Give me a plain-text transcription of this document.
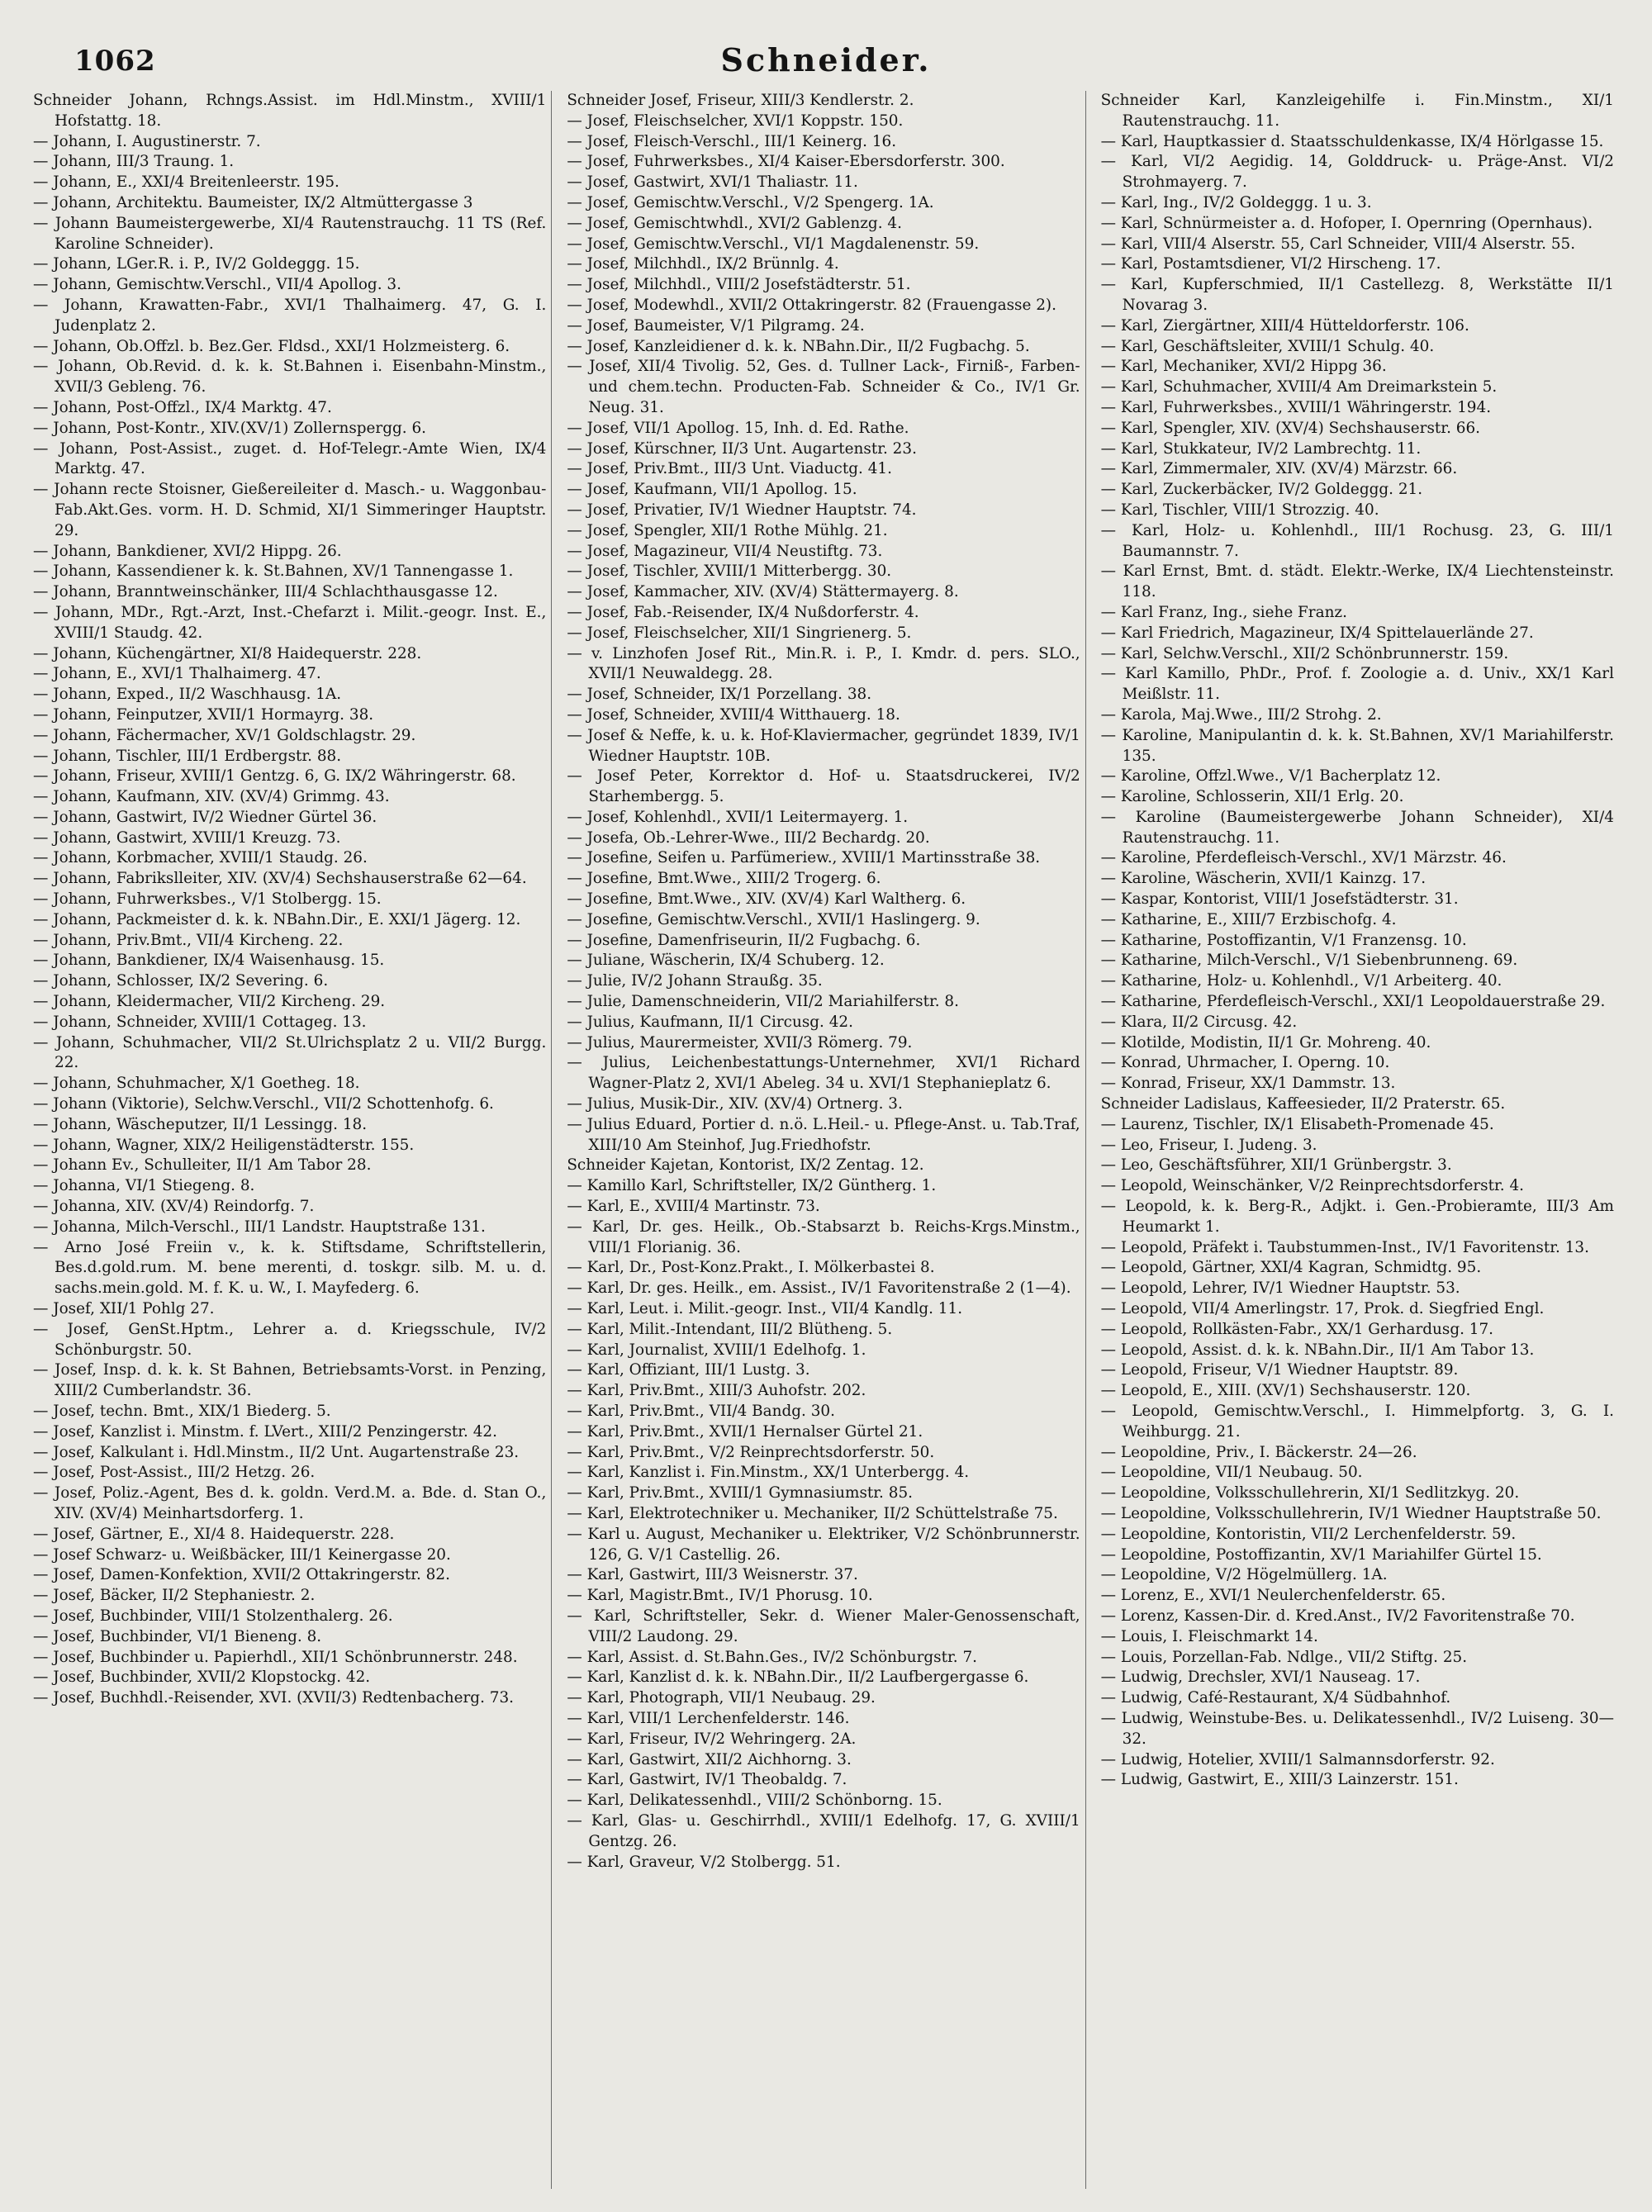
1062	Schneider.

Schneider Johann, Rchngs.Assist. im Hdl.Minstm., XVIII/1 Hofstattg. 18.

— Johann, I. Augustinerstr. 7.

— Johann, III/3 Traung. 1.

— Johann, E., XXI/4 Breitenleerstr. 195.

— Johann, Architektu. Baumeister, IX/2 Altmüttergasse 3

— Johann Baumeistergewerbe, XI/4 Rautenstrauchg. 11 TS (Ref. Karoline Schneider).

— Johann, LGer.R. i. P., IV/2 Goldeggg. 15.

— Johann, Gemischtw.Verschl., VII/4 Apollog. 3.

— Johann, Krawatten-Fabr., XVI/1 Thalhaimerg. 47, G. I. Judenplatz 2.

— Johann, Ob.Offzl. b. Bez.Ger. Fldsd., XXI/1 Holzmeisterg. 6.

— Johann, Ob.Revid. d. k. k. St.Bahnen i. Eisenbahn-Minstm., XVII/3 Gebleng. 76.

— Johann, Post-Offzl., IX/4 Marktg. 47.

— Johann, Post-Kontr., XIV.(XV/1) Zollernspergg. 6.

— Johann, Post-Assist., zuget. d. Hof-Telegr.-Amte Wien, IX/4 Marktg. 47.

— Johann recte Stoisner, Gießereileiter d. Masch.- u. Waggonbau-Fab.Akt.Ges. vorm. H. D. Schmid, XI/1 Simmeringer Hauptstr. 29.

— Johann, Bankdiener, XVI/2 Hippg. 26.

— Johann, Kassendiener k. k. St.Bahnen, XV/1 Tannengasse 1.

— Johann, Branntweinschänker, III/4 Schlachthausgasse 12.

— Johann, MDr., Rgt.-Arzt, Inst.-Chefarzt i. Milit.-geogr. Inst. E., XVIII/1 Staudg. 42.

— Johann, Küchengärtner, XI/8 Haidequerstr. 228.

— Johann, E., XVI/1 Thalhaimerg. 47.

— Johann, Exped., II/2 Waschhausg. 1A.

— Johann, Feinputzer, XVII/1 Hormayrg. 38.

— Johann, Fächermacher, XV/1 Goldschlagstr. 29.

— Johann, Tischler, III/1 Erdbergstr. 88.

— Johann, Friseur, XVIII/1 Gentzg. 6, G. IX/2 Währingerstr. 68.

— Johann, Kaufmann, XIV. (XV/4) Grimmg. 43.

— Johann, Gastwirt, IV/2 Wiedner Gürtel 36.

— Johann, Gastwirt, XVIII/1 Kreuzg. 73.

— Johann, Korbmacher, XVIII/1 Staudg. 26.

— Johann, Fabrikslleiter, XIV. (XV/4) Sechshauserstraße 62—64.

— Johann, Fuhrwerksbes., V/1 Stolbergg. 15.

— Johann, Packmeister d. k. k. NBahn.Dir., E. XXI/1 Jägerg. 12.

— Johann, Priv.Bmt., VII/4 Kircheng. 22.

— Johann, Bankdiener, IX/4 Waisenhausg. 15.

— Johann, Schlosser, IX/2 Severing. 6.

— Johann, Kleidermacher, VII/2 Kircheng. 29.

— Johann, Schneider, XVIII/1 Cottageg. 13.

— Johann, Schuhmacher, VII/2 St.Ulrichsplatz 2 u. VII/2 Burgg. 22.

— Johann, Schuhmacher, X/1 Goetheg. 18.

— Johann (Viktorie), Selchw.Verschl., VII/2 Schottenhofg. 6.

— Johann, Wäscheputzer, II/1 Lessingg. 18.

— Johann, Wagner, XIX/2 Heiligenstädterstr. 155.

— Johann Ev., Schulleiter, II/1 Am Tabor 28.

— Johanna, VI/1 Stiegeng. 8.

— Johanna, XIV. (XV/4) Reindorfg. 7.

— Johanna, Milch-Verschl., III/1 Landstr. Hauptstraße 131.

— Arno José Freiin v., k. k. Stiftsdame, Schriftstellerin, Bes.d.gold.rum. M. bene merenti, d. toskgr. silb. M. u. d. sachs.mein.gold. M. f. K. u. W., I. Mayfederg. 6.

— Josef, XII/1 Pohlg 27.

— Josef, GenSt.Hptm., Lehrer a. d. Kriegsschule, IV/2 Schönburgstr. 50.

— Josef, Insp. d. k. k. St Bahnen, Betriebsamts-Vorst. in Penzing, XIII/2 Cumberlandstr. 36.

— Josef, techn. Bmt., XIX/1 Biederg. 5.

— Josef, Kanzlist i. Minstm. f. LVert., XIII/2 Penzingerstr. 42.

— Josef, Kalkulant i. Hdl.Minstm., II/2 Unt. Augartenstraße 23.

— Josef, Post-Assist., III/2 Hetzg. 26.

— Josef, Poliz.-Agent, Bes d. k. goldn. Verd.M. a. Bde. d. Stan O., XIV. (XV/4) Meinhartsdorferg. 1.

— Josef, Gärtner, E., XI/4 8. Haidequerstr. 228.

— Josef Schwarz- u. Weißbäcker, III/1 Keinergasse 20.

— Josef, Damen-Konfektion, XVII/2 Ottakringerstr. 82.

— Josef, Bäcker, II/2 Stephaniestr. 2.

— Josef, Buchbinder, VIII/1 Stolzenthalerg. 26.

— Josef, Buchbinder, VI/1 Bieneng. 8.

— Josef, Buchbinder u. Papierhdl., XII/1 Schönbrunnerstr. 248.

— Josef, Buchbinder, XVII/2 Klopstockg. 42.

— Josef, Buchhdl.-Reisender, XVI. (XVII/3) Redtenbacherg. 73.

Schneider Josef, Friseur, XIII/3 Kendlerstr. 2.

— Josef, Fleischselcher, XVI/1 Koppstr. 150.

— Josef, Fleisch-Verschl., III/1 Keinerg. 16.

— Josef, Fuhrwerksbes., XI/4 Kaiser-Ebersdorferstr. 300.

— Josef, Gastwirt, XVI/1 Thaliastr. 11.

— Josef, Gemischtw.Verschl., V/2 Spengerg. 1A.

— Josef, Gemischtwhdl., XVI/2 Gablenzg. 4.

— Josef, Gemischtw.Verschl., VI/1 Magdalenenstr. 59.

— Josef, Milchhdl., IX/2 Brünnlg. 4.

— Josef, Milchhdl., VIII/2 Josefstädterstr. 51.

— Josef, Modewhdl., XVII/2 Ottakringerstr. 82 (Frauengasse 2).

— Josef, Baumeister, V/1 Pilgramg. 24.

— Josef, Kanzleidiener d. k. k. NBahn.Dir., II/2 Fugbachg. 5.

— Josef, XII/4 Tivolig. 52, Ges. d. Tullner Lack-, Firniß-, Farben- und chem.techn. Producten-Fab. Schneider & Co., IV/1 Gr. Neug. 31.

— Josef, VII/1 Apollog. 15, Inh. d. Ed. Rathe.

— Josef, Kürschner, II/3 Unt. Augartenstr. 23.

— Josef, Priv.Bmt., III/3 Unt. Viaductg. 41.

— Josef, Kaufmann, VII/1 Apollog. 15.

— Josef, Privatier, IV/1 Wiedner Hauptstr. 74.

— Josef, Spengler, XII/1 Rothe Mühlg. 21.

— Josef, Magazineur, VII/4 Neustiftg. 73.

— Josef, Tischler, XVIII/1 Mitterbergg. 30.

— Josef, Kammacher, XIV. (XV/4) Stättermayerg. 8.

— Josef, Fab.-Reisender, IX/4 Nußdorferstr. 4.

— Josef, Fleischselcher, XII/1 Singrienerg. 5.

— v. Linzhofen Josef Rit., Min.R. i. P., I. Kmdr. d. pers. SLO., XVII/1 Neuwaldegg. 28.

— Josef, Schneider, IX/1 Porzellang. 38.

— Josef, Schneider, XVIII/4 Witthauerg. 18.

— Josef & Neffe, k. u. k. Hof-Klaviermacher, gegründet 1839, IV/1 Wiedner Hauptstr. 10B.

— Josef Peter, Korrektor d. Hof- u. Staatsdruckerei, IV/2 Starhembergg. 5.

— Josef, Kohlenhdl., XVII/1 Leitermayerg. 1.

— Josefa, Ob.-Lehrer-Wwe., III/2 Bechardg. 20.

— Josefine, Seifen u. Parfümeriew., XVIII/1 Martinsstraße 38.

— Josefine, Bmt.Wwe., XIII/2 Trogerg. 6.

— Josefine, Bmt.Wwe., XIV. (XV/4) Karl Waltherg. 6.

— Josefine, Gemischtw.Verschl., XVII/1 Haslingerg. 9.

— Josefine, Damenfriseurin, II/2 Fugbachg. 6.

— Juliane, Wäscherin, IX/4 Schuberg. 12.

— Julie, IV/2 Johann Straußg. 35.

— Julie, Damenschneiderin, VII/2 Mariahilferstr. 8.

— Julius, Kaufmann, II/1 Circusg. 42.

— Julius, Maurermeister, XVII/3 Römerg. 79.

— Julius, Leichenbestattungs-Unternehmer, XVI/1 Richard Wagner-Platz 2, XVI/1 Abeleg. 34 u. XVI/1 Stephanieplatz 6.

— Julius, Musik-Dir., XIV. (XV/4) Ortnerg. 3.

— Julius Eduard, Portier d. n.ö. L.Heil.- u. Pflege-Anst. u. Tab.Traf, XIII/10 Am Steinhof, Jug.Friedhofstr.

Schneider Kajetan, Kontorist, IX/2 Zentag. 12.

— Kamillo Karl, Schriftsteller, IX/2 Güntherg. 1.

— Karl, E., XVIII/4 Martinstr. 73.

— Karl, Dr. ges. Heilk., Ob.-Stabsarzt b. Reichs-Krgs.Minstm., VIII/1 Florianig. 36.

— Karl, Dr., Post-Konz.Prakt., I. Mölkerbastei 8.

— Karl, Dr. ges. Heilk., em. Assist., IV/1 Favoritenstraße 2 (1—4).

— Karl, Leut. i. Milit.-geogr. Inst., VII/4 Kandlg. 11.

— Karl, Milit.-Intendant, III/2 Blütheng. 5.

— Karl, Journalist, XVIII/1 Edelhofg. 1.

— Karl, Offiziant, III/1 Lustg. 3.

— Karl, Priv.Bmt., XIII/3 Auhofstr. 202.

— Karl, Priv.Bmt., VII/4 Bandg. 30.

— Karl, Priv.Bmt., XVII/1 Hernalser Gürtel 21.

— Karl, Priv.Bmt., V/2 Reinprechtsdorferstr. 50.

— Karl, Kanzlist i. Fin.Minstm., XX/1 Unterbergg. 4.

— Karl, Priv.Bmt., XVIII/1 Gymnasiumstr. 85.

— Karl, Elektrotechniker u. Mechaniker, II/2 Schüttelstraße 75.

— Karl u. August, Mechaniker u. Elektriker, V/2 Schönbrunnerstr. 126, G. V/1 Castellig. 26.

— Karl, Gastwirt, III/3 Weisnerstr. 37.

— Karl, Magistr.Bmt., IV/1 Phorusg. 10.

— Karl, Schriftsteller, Sekr. d. Wiener Maler-Genossenschaft, VIII/2 Laudong. 29.

— Karl, Assist. d. St.Bahn.Ges., IV/2 Schönburgstr. 7.

— Karl, Kanzlist d. k. k. NBahn.Dir., II/2 Laufbergergasse 6.

— Karl, Photograph, VII/1 Neubaug. 29.

— Karl, VIII/1 Lerchenfelderstr. 146.

— Karl, Friseur, IV/2 Wehringerg. 2A.

— Karl, Gastwirt, XII/2 Aichhorng. 3.

— Karl, Gastwirt, IV/1 Theobaldg. 7.

— Karl, Delikatessenhdl., VIII/2 Schönborng. 15.

— Karl, Glas- u. Geschirrhdl., XVIII/1 Edelhofg. 17, G. XVIII/1 Gentzg. 26.

— Karl, Graveur, V/2 Stolbergg. 51.

Schneider Karl, Kanzleigehilfe i. Fin.Minstm., XI/1 Rautenstrauchg. 11.

— Karl, Hauptkassier d. Staatsschuldenkasse, IX/4 Hörlgasse 15.

— Karl, VI/2 Aegidig. 14, Golddruck- u. Präge-Anst. VI/2 Strohmayerg. 7.

— Karl, Ing., IV/2 Goldeggg. 1 u. 3.

— Karl, Schnürmeister a. d. Hofoper, I. Opernring (Opernhaus).

— Karl, VIII/4 Alserstr. 55, Carl Schneider, VIII/4 Alserstr. 55.

— Karl, Postamtsdiener, VI/2 Hirscheng. 17.

— Karl, Kupferschmied, II/1 Castellezg. 8, Werkstätte II/1 Novarag 3.

— Karl, Ziergärtner, XIII/4 Hütteldorferstr. 106.

— Karl, Geschäftsleiter, XVIII/1 Schulg. 40.

— Karl, Mechaniker, XVI/2 Hippg 36.

— Karl, Schuhmacher, XVIII/4 Am Dreimarkstein 5.

— Karl, Fuhrwerksbes., XVIII/1 Währingerstr. 194.

— Karl, Spengler, XIV. (XV/4) Sechshauserstr. 66.

— Karl, Stukkateur, IV/2 Lambrechtg. 11.

— Karl, Zimmermaler, XIV. (XV/4) Märzstr. 66.

— Karl, Zuckerbäcker, IV/2 Goldeggg. 21.

— Karl, Tischler, VIII/1 Strozzig. 40.

— Karl, Holz- u. Kohlenhdl., III/1 Rochusg. 23, G. III/1 Baumannstr. 7.

— Karl Ernst, Bmt. d. städt. Elektr.-Werke, IX/4 Liechtensteinstr. 118.

— Karl Franz, Ing., siehe Franz.

— Karl Friedrich, Magazineur, IX/4 Spittelauerlände 27.

— Karl, Selchw.Verschl., XII/2 Schönbrunnerstr. 159.

— Karl Kamillo, PhDr., Prof. f. Zoologie a. d. Univ., XX/1 Karl Meißlstr. 11.

— Karola, Maj.Wwe., III/2 Strohg. 2.

— Karoline, Manipulantin d. k. k. St.Bahnen, XV/1 Mariahilferstr. 135.

— Karoline, Offzl.Wwe., V/1 Bacherplatz 12.

— Karoline, Schlosserin, XII/1 Erlg. 20.

— Karoline (Baumeistergewerbe Johann Schneider), XI/4 Rautenstrauchg. 11.

— Karoline, Pferdefleisch-Verschl., XV/1 Märzstr. 46.

— Karoline, Wäscherin, XVII/1 Kainzg. 17.

— Kaspar, Kontorist, VIII/1 Josefstädterstr. 31.

— Katharine, E., XIII/7 Erzbischofg. 4.

— Katharine, Postoffizantin, V/1 Franzensg. 10.

— Katharine, Milch-Verschl., V/1 Siebenbrunneng. 69.

— Katharine, Holz- u. Kohlenhdl., V/1 Arbeiterg. 40.

— Katharine, Pferdefleisch-Verschl., XXI/1 Leopoldauerstraße 29.

— Klara, II/2 Circusg. 42.

— Klotilde, Modistin, II/1 Gr. Mohreng. 40.

— Konrad, Uhrmacher, I. Operng. 10.

— Konrad, Friseur, XX/1 Dammstr. 13.

Schneider Ladislaus, Kaffeesieder, II/2 Praterstr. 65.

— Laurenz, Tischler, IX/1 Elisabeth-Promenade 45.

— Leo, Friseur, I. Judeng. 3.

— Leo, Geschäftsführer, XII/1 Grünbergstr. 3.

— Leopold, Weinschänker, V/2 Reinprechtsdorferstr. 4.

— Leopold, k. k. Berg-R., Adjkt. i. Gen.-Probieramte, III/3 Am Heumarkt 1.

— Leopold, Präfekt i. Taubstummen-Inst., IV/1 Favoritenstr. 13.

— Leopold, Gärtner, XXI/4 Kagran, Schmidtg. 95.

— Leopold, Lehrer, IV/1 Wiedner Hauptstr. 53.

— Leopold, VII/4 Amerlingstr. 17, Prok. d. Siegfried Engl.

— Leopold, Rollkästen-Fabr., XX/1 Gerhardusg. 17.

— Leopold, Assist. d. k. k. NBahn.Dir., II/1 Am Tabor 13.

— Leopold, Friseur, V/1 Wiedner Hauptstr. 89.

— Leopold, E., XIII. (XV/1) Sechshauserstr. 120.

— Leopold, Gemischtw.Verschl., I. Himmelpfortg. 3, G. I. Weihburgg. 21.

— Leopoldine, Priv., I. Bäckerstr. 24—26.

— Leopoldine, VII/1 Neubaug. 50.

— Leopoldine, Volksschullehrerin, XI/1 Sedlitzkyg. 20.

— Leopoldine, Volksschullehrerin, IV/1 Wiedner Hauptstraße 50.

— Leopoldine, Kontoristin, VII/2 Lerchenfelderstr. 59.

— Leopoldine, Postoffizantin, XV/1 Mariahilfer Gürtel 15.

— Leopoldine, V/2 Högelmüllerg. 1A.

— Lorenz, E., XVI/1 Neulerchenfelderstr. 65.

— Lorenz, Kassen-Dir. d. Kred.Anst., IV/2 Favoritenstraße 70.

— Louis, I. Fleischmarkt 14.

— Louis, Porzellan-Fab. Ndlge., VII/2 Stiftg. 25.

— Ludwig, Drechsler, XVI/1 Nauseag. 17.

— Ludwig, Café-Restaurant, X/4 Südbahnhof.

— Ludwig, Weinstube-Bes. u. Delikatessenhdl., IV/2 Luiseng. 30—32.

— Ludwig, Hotelier, XVIII/1 Salmannsdorferstr. 92.

— Ludwig, Gastwirt, E., XIII/3 Lainzerstr. 151.
